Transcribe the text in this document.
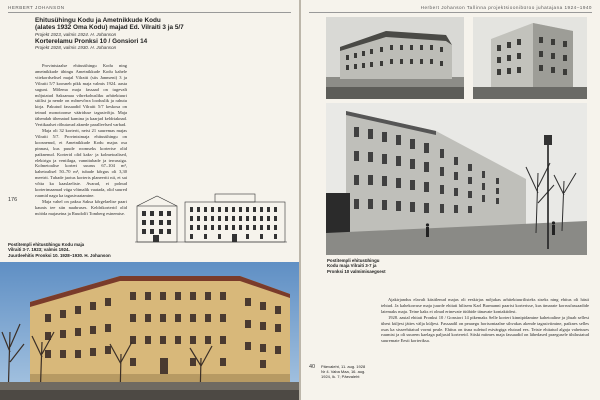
HERBERT JOHANSON
Ehitusühingu Kodu ja Ametnikkude Kodu
(alates 1932 Oma Kodu) majad Ed. Vilraiti 3 ja 5/7
Projekt 1923, valmis 1924. H. Johanson
Korterelamu Pronksi 10 / Gonsiori 14
Projekt 1928, valmis 1930. H. Johanson

Provintsiaalse ehitusühingu Kodu ning ametnikkude ühingu Ametnikkude Kodu kahele viiekordselisel majal Vilraiti (siis Jannseni) 3 ja Vilraiti 5/7 koosneb pikk maja valmis 1924. aasta suguni. Mõlema maja fassaad on tugevalt mõjutatud Saksamaa vihrekohusliku arhitektuuri stiilist ja nende on mõnevõrra looduslik ja rahutu kirja. Pakutud fassaadid Vilraiti 5/7 keskosa on teinud monotoonse vääriduse tagasivõtja. Maja tähendab tihenatud kamina ja kaarjad keldriaknad. Vertikaalset rõhutavad aknede paralleelsed varbad.

Maja oli 32 korterit, neist 21 suuremas majas Vilraiti 5/7. Provintsimaja ehitusühingu on koosnenud, et Ametnikkude Kodu majas osa pinnast, kus puude roomseks korterise olid paiknenud. Korterid olid kaks- ja kolmetoalised, elektriga ja ventilaga, vannitubade ja terrassiga. Kolmetoalise korteri suurus 67–104 m², kahetoalisel 50–70 m², tubade kõrgus oli 3,30 meetrit. Tubade jaotus korteris planeeriti nii, et sai võtta ka kaaslaeliste. Avarad, ei polnud korterimaamad väga võimalik vaatada, olid suured ruumid nagu ka tagasivaatamine.

Maja vahel on paksu Saksa kõrgelaelise paari kaunis tee siin naabruses. Keldrikorterid olid mööda majaseina ja Ruudolfi Tomberg esinemise.

176
Postitempli ehitusühingu Kodu maja
Vilraiti 3-7. 1923; valmis 1924.
Juurdeehitis Pronksi 10. 1928–1930. H. Johanson
Herbert Johanson Tallinna projektsioonibüroo juhatajana 1924–1940
Postitempli ehitusühingu
Kodu maja Vilraiti 3-7 ja
Pronksi 10 valmimisaegsest

Ajakirjandus elavalt käsitlenud majas oli eeskirjas mõjukas arhitektuurilisteks siseks ning ehitus oli hästi tehtud. Ja kahekorruse maja juurde ehitati hilisem Karl Burmanni paarist korterisse, kus ümarate korrusfassaadide laiemaks maja. Teine kaks ei olnud erinevate tüübide tänavate kontaktidest.

1928. aastal ehitati Pronksi 10 / Gonsiori 14 pikemaks Selle korteri kinnipidamine kahetoaline ja jõuab sellest ühest küljest jättes välja küljest. Fassaadil on peaaegu horisontaalne sihvakas akende tagasiviimine, paiknes selles osas ka sisseehitatud vormi peale. Ehitus on üsna suletud esivärgiga elutoad ees. Teiste ehitatud algaja vahetuses ruumist ja oli suurem kaelaga paljusid kortereid. Siiski mitmes maja fassaadid on lähedased praegusele ühtlustatud suuremate Eesti korteriksa.

40 Päevaleht, 11. aug. 1928
Nr 4. Vaba Maa, 16. aug.
1924, lk. 7; Päevaleht
